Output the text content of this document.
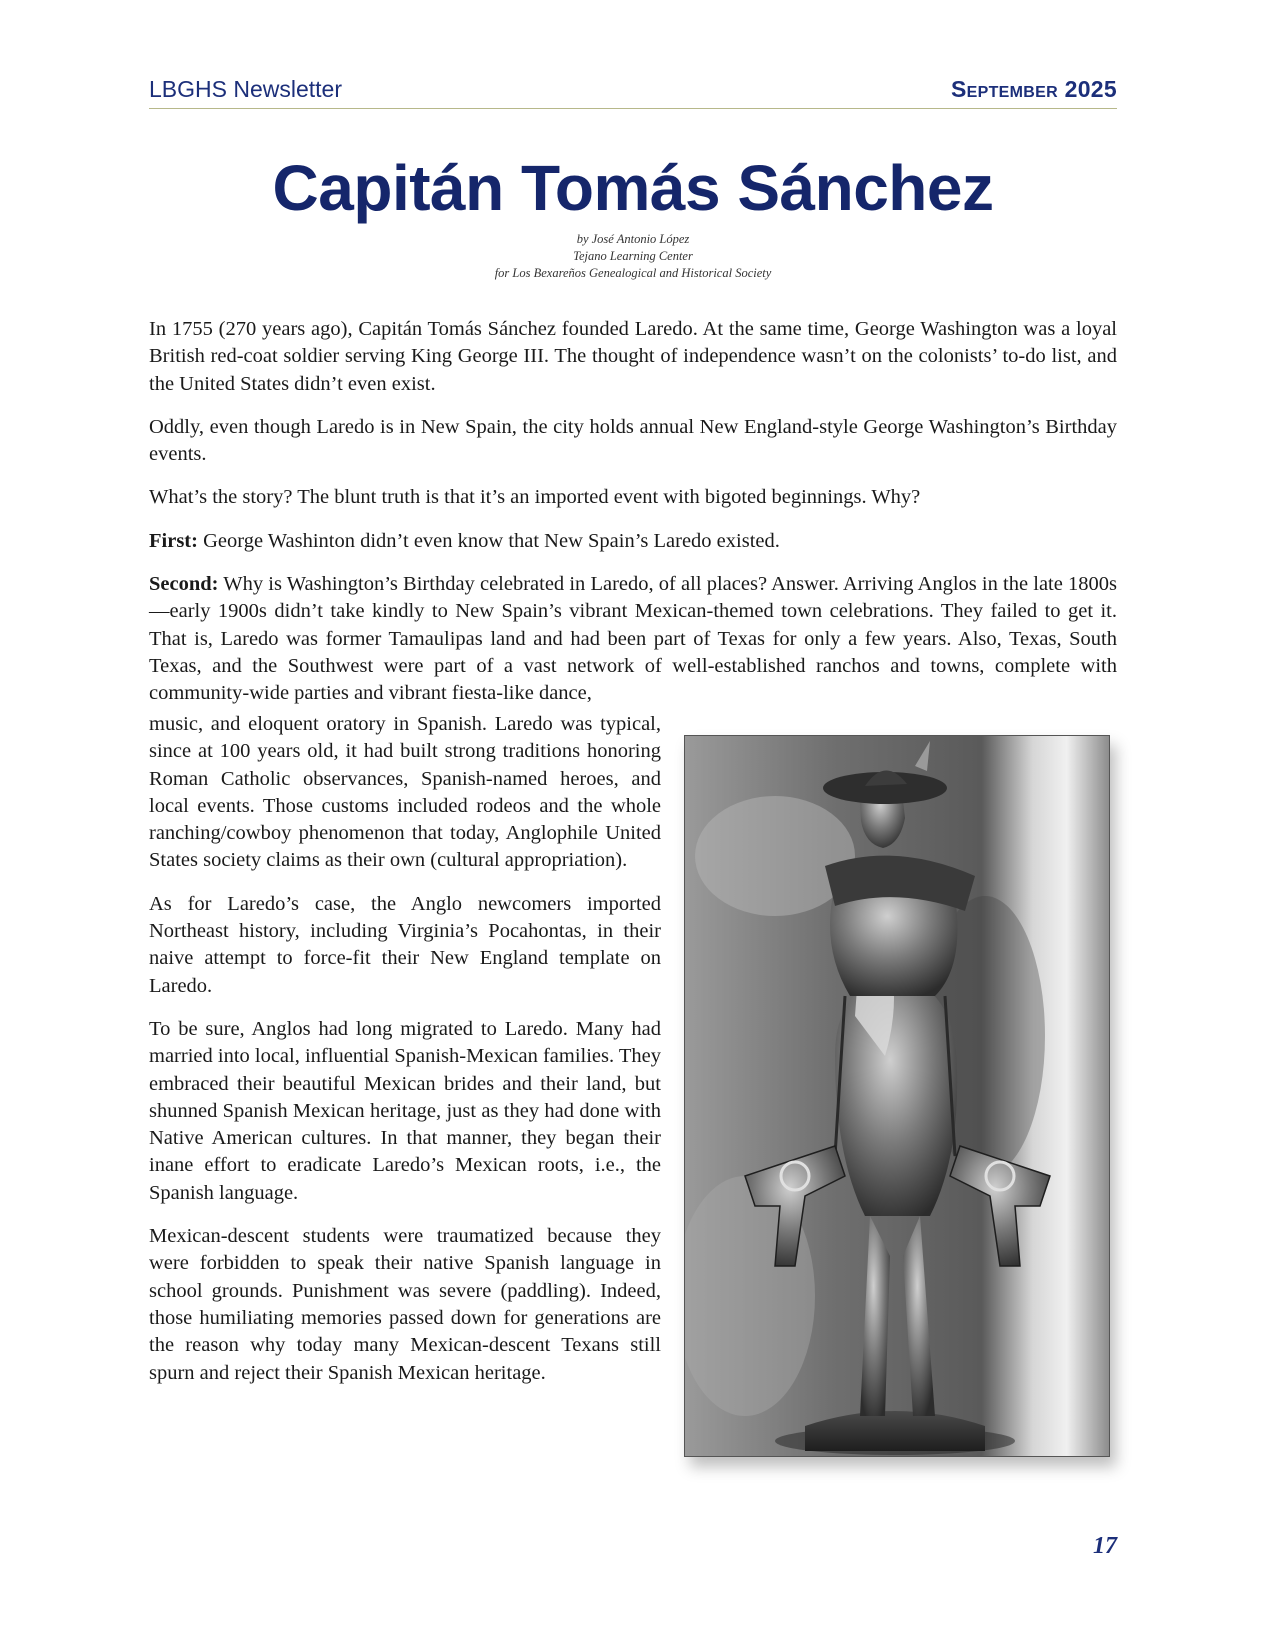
LBGHS Newsletter	September 2025
Capitán Tomás Sánchez
by José Antonio López
Tejano Learning Center
for Los Bexareños Genealogical and Historical Society

In 1755 (270 years ago), Capitán Tomás Sánchez founded Laredo. At the same time, George Washington was a loyal British red-coat soldier serving King George III. The thought of independence wasn’t on the colonists’ to-do list, and the United States didn’t even exist.

Oddly, even though Laredo is in New Spain, the city holds annual New England-style George Washington’s Birthday events.

What’s the story? The blunt truth is that it’s an imported event with bigoted beginnings. Why?

First: George Washinton didn’t even know that New Spain’s Laredo existed.

Second: Why is Washington’s Birthday celebrated in Laredo, of all places? Answer. Arriving Anglos in the late 1800s—early 1900s didn’t take kindly to New Spain’s vibrant Mexican-themed town celebrations. They failed to get it. That is, Laredo was former Tamaulipas land and had been part of Texas for only a few years. Also, Texas, South Texas, and the Southwest were part of a vast network of well-established ranchos and towns, complete with community-wide parties and vibrant fiesta-like dance,

music, and eloquent oratory in Spanish. Laredo was typical, since at 100 years old, it had built strong traditions honoring Roman Catholic observances, Spanish-named heroes, and local events. Those customs included rodeos and the whole ranching/cowboy phenomenon that today, Anglophile United States society claims as their own (cultural appropriation).

As for Laredo’s case, the Anglo newcomers imported Northeast history, including Virginia’s Pocahontas, in their naive attempt to force-fit their New England template on Laredo.

To be sure, Anglos had long migrated to Laredo. Many had married into local, influential Spanish-Mexican families. They embraced their beautiful Mexican brides and their land, but shunned Spanish Mexican heritage, just as they had done with Native American cultures. In that manner, they began their inane effort to eradicate Laredo’s Mexican roots, i.e., the Spanish language.

Mexican-descent students were traumatized because they were forbidden to speak their native Spanish language in school grounds. Punishment was severe (paddling). Indeed, those humiliating memories passed down for generations are the reason why today many Mexican-descent Texans still spurn and reject their Spanish Mexican heritage.

17
